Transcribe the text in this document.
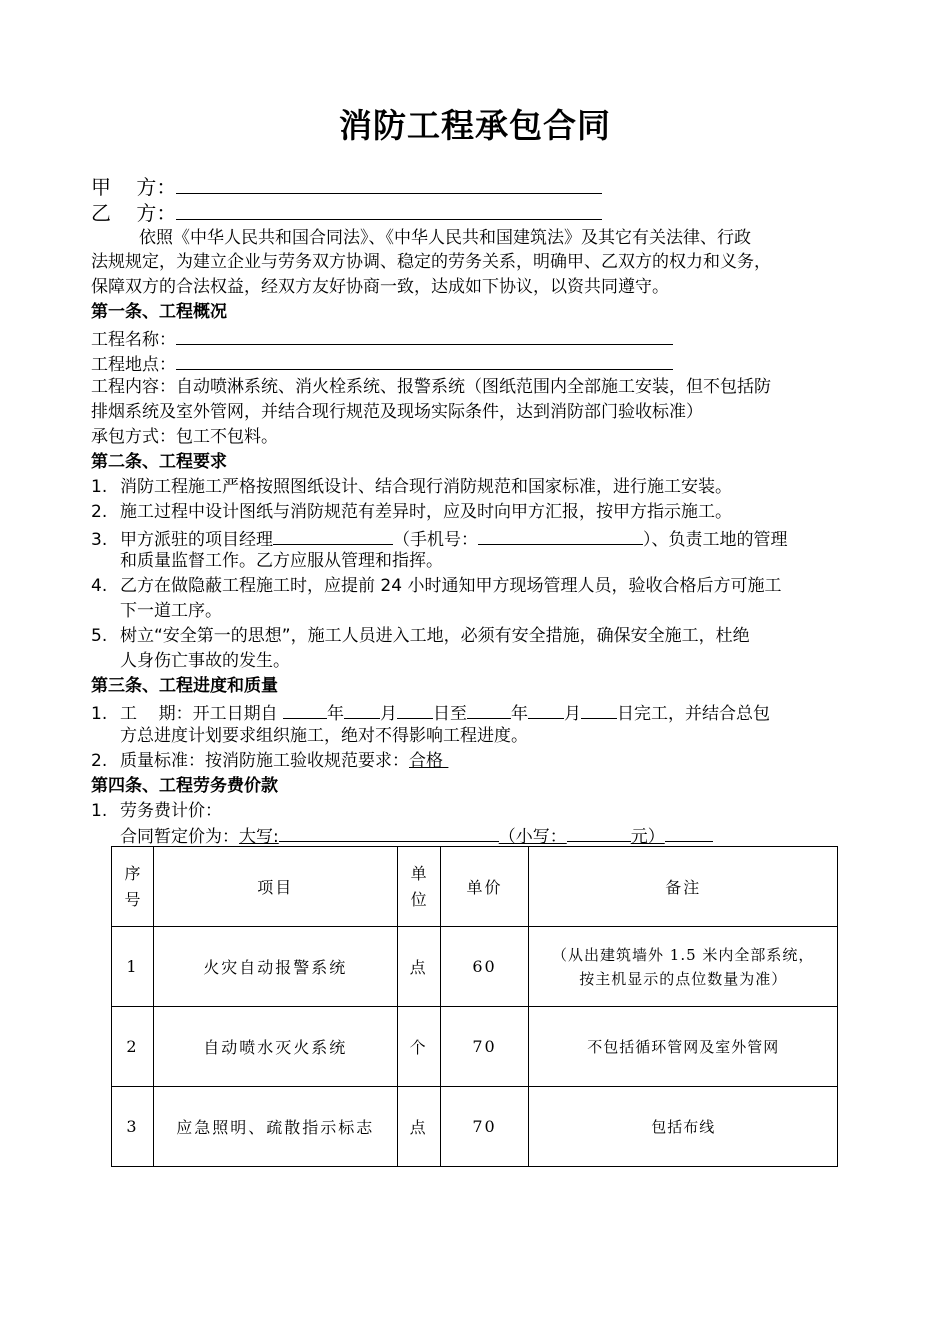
消防工程承包合同
甲    方：
乙    方：
依照《中华人民共和国合同法》、《中华人民共和国建筑法》及其它有关法律、行政
法规规定，为建立企业与劳务双方协调、稳定的劳务关系，明确甲、乙双方的权力和义务，
保障双方的合法权益，经双方友好协商一致，达成如下协议，以资共同遵守。
第一条、工程概况
工程名称：
工程地点：
工程内容：自动喷淋系统、消火栓系统、报警系统（图纸范围内全部施工安装，但不包括防
排烟系统及室外管网，并结合现行规范及现场实际条件，达到消防部门验收标准）
承包方式：包工不包料。
第二条、工程要求
1. 消防工程施工严格按照图纸设计、结合现行消防规范和国家标准，进行施工安装。
2. 施工过程中设计图纸与消防规范有差异时，应及时向甲方汇报，按甲方指示施工。
3. 甲方派驻的项目经理	（手机号：	）、负责工地的管理
和质量监督工作。乙方应服从管理和指挥。
4. 乙方在做隐蔽工程施工时，应提前 24 小时通知甲方现场管理人员，验收合格后方可施工
下一道工序。
5. 树立“安全第一的思想”，施工人员进入工地，必须有安全措施，确保安全施工，杜绝
人身伤亡事故的发生。
第三条、工程进度和质量
1. 工    期：开工日期自	年 月 日至	年 月 日完工，并结合总包
方总进度计划要求组织施工，绝对不得影响工程进度。
2. 质量标准：按消防施工验收规范要求：合格
第四条、工程劳务费价款
1. 劳务费计价：
合同暂定价为：大写:	（小写：	元）
序号	项目	单位	单价	备注
1	火灾自动报警系统	点	60	（从出建筑墙外 1.5 米内全部系统，
按主机显示的点位数量为准）

2	自动喷水灭火系统	个	70	不包括循环管网及室外管网

3	应急照明、疏散指示标志	点	70	包括布线
